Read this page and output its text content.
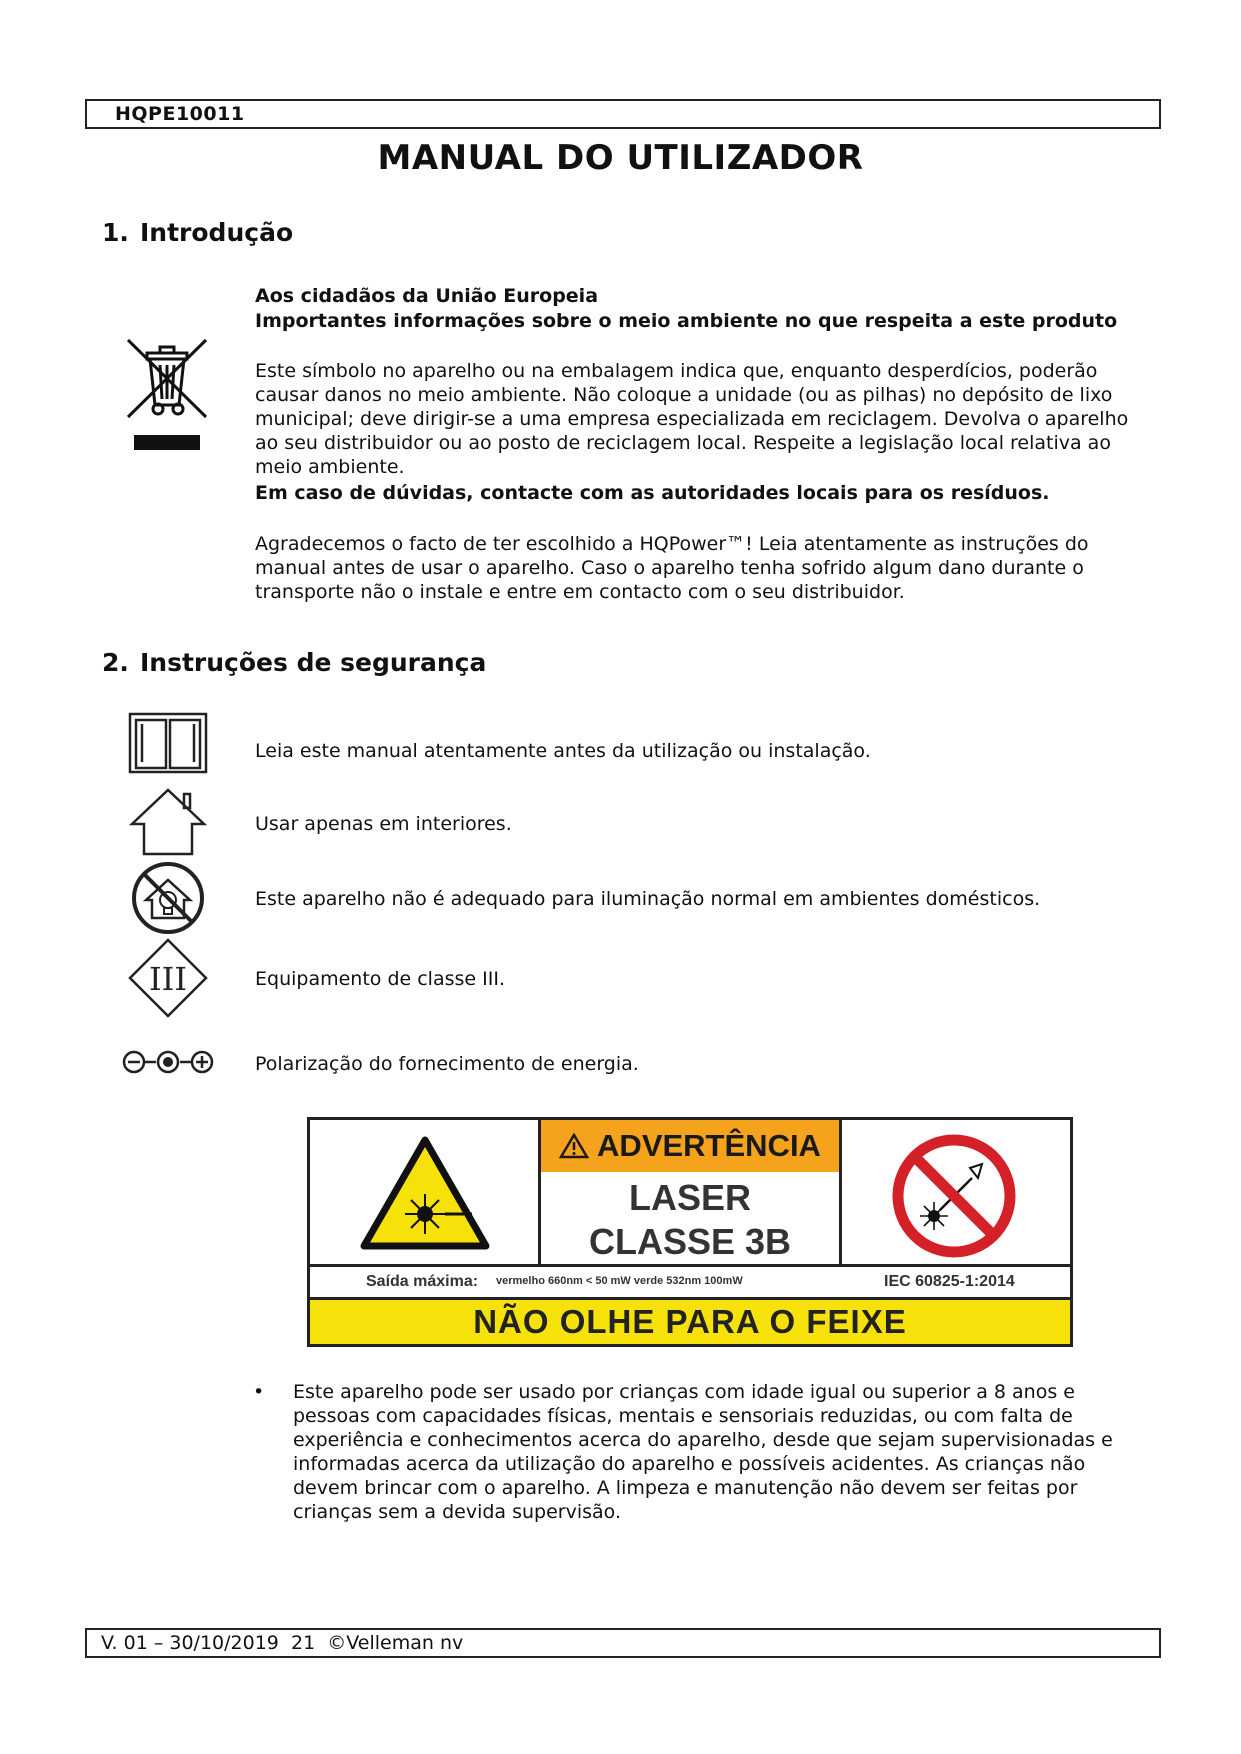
HQPE10011
MANUAL DO UTILIZADOR
1. Introdução
Aos cidadãos da União Europeia
Importantes informações sobre o meio ambiente no que respeita a este produto
Este símbolo no aparelho ou na embalagem indica que, enquanto desperdícios, poderão causar danos no meio ambiente. Não coloque a unidade (ou as pilhas) no depósito de lixo municipal; deve dirigir-se a uma empresa especializada em reciclagem. Devolva o aparelho ao seu distribuidor ou ao posto de reciclagem local. Respeite a legislação local relativa ao meio ambiente.
Em caso de dúvidas, contacte com as autoridades locais para os resíduos.
Agradecemos o facto de ter escolhido a HQPower™! Leia atentamente as instruções do manual antes de usar o aparelho. Caso o aparelho tenha sofrido algum dano durante o transporte não o instale e entre em contacto com o seu distribuidor.
2. Instruções de segurança
III
Leia este manual atentamente antes da utilização ou instalação.
Usar apenas em interiores.
Este aparelho não é adequado para iluminação normal em ambientes domésticos.
Equipamento de classe III.
Polarização do fornecimento de energia.
ADVERTÊNCIA
LASER
CLASSE 3B
Saída máxima: vermelho 660nm < 50 mW verde 532nm 100mW	IEC 60825-1:2014
NÃO OLHE PARA O FEIXE
• Este aparelho pode ser usado por crianças com idade igual ou superior a 8 anos e pessoas com capacidades físicas, mentais e sensoriais reduzidas, ou com falta de experiência e conhecimentos acerca do aparelho, desde que sejam supervisionadas e informadas acerca da utilização do aparelho e possíveis acidentes. As crianças não devem brincar com o aparelho. A limpeza e manutenção não devem ser feitas por crianças sem a devida supervisão.
V. 01 – 30/10/2019 21 ©Velleman nv
